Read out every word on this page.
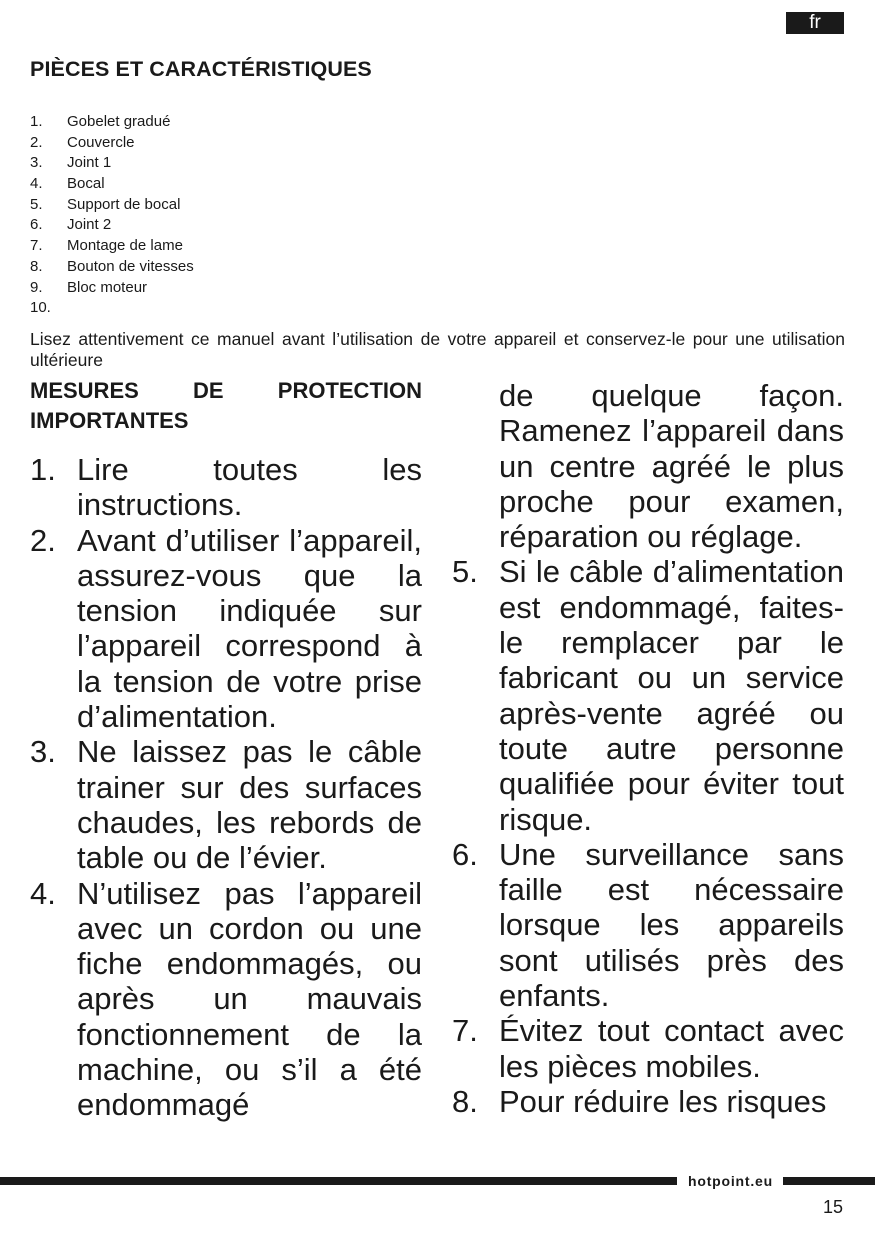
fr
PIÈCES ET CARACTÉRISTIQUES
1. Gobelet gradué
2. Couvercle
3. Joint 1
4. Bocal
5. Support de bocal
6. Joint 2
7. Montage de lame
8. Bouton de vitesses
9. Bloc moteur
10.

Lisez attentivement ce manuel avant l’utilisation de votre appareil et conservez-le pour une utilisation ultérieure

MESURES DE PROTECTION IMPORTANTES
1. Lire toutes les instructions.
2. Avant d’utiliser l’appareil, assurez-vous que la tension indiquée sur l’appareil correspond à la tension de votre prise d’alimentation.
3. Ne laissez pas le câble trainer sur des surfaces chaudes, les rebords de table ou de l’évier.
4. N’utilisez pas l’appareil avec un cordon ou une fiche endommagés, ou après un mauvais fonctionnement de la machine, ou s’il a été endommagé

de quelque façon. Ramenez l’appareil dans un centre agréé le plus proche pour examen, réparation ou réglage.

5. Si le câble d’alimentation est endommagé, faites-le remplacer par le fabricant ou un service après-vente agréé ou toute autre personne qualifiée pour éviter tout risque.
6. Une surveillance sans faille est nécessaire lorsque les appareils sont utilisés près des enfants.
7. Évitez tout contact avec les pièces mobiles.
8. Pour réduire les risques
hotpoint.eu
15
